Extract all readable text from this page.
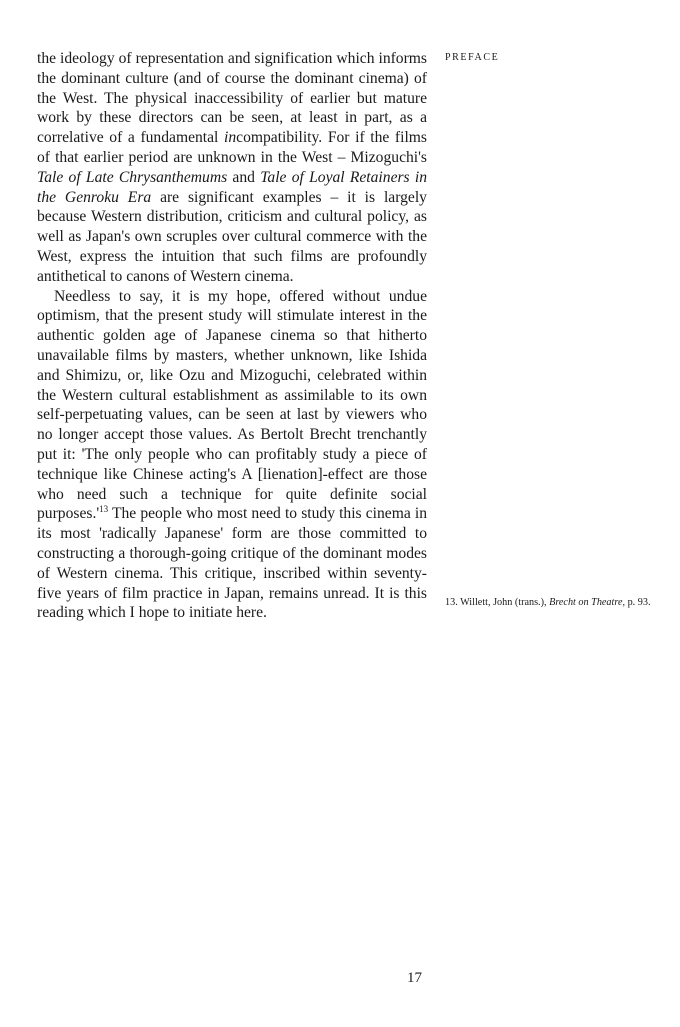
the ideology of representation and signification which informs the dominant culture (and of course the dominant cinema) of the West. The physical inaccessibility of earlier but mature work by these directors can be seen, at least in part, as a correlative of a fundamental incompatibility. For if the films of that earlier period are unknown in the West – Mizoguchi's Tale of Late Chrysanthemums and Tale of Loyal Retainers in the Genroku Era are significant examples – it is largely because Western distribution, criticism and cultural policy, as well as Japan's own scruples over cultural commerce with the West, express the intuition that such films are profoundly antithetical to canons of Western cinema.

Needless to say, it is my hope, offered without undue optimism, that the present study will stimulate interest in the authentic golden age of Japanese cinema so that hitherto unavailable films by masters, whether unknown, like Ishida and Shimizu, or, like Ozu and Mizoguchi, celebrated within the Western cultural establishment as assimilable to its own self-perpetuating values, can be seen at last by viewers who no longer accept those values. As Bertolt Brecht trenchantly put it: 'The only people who can profitably study a piece of technique like Chinese acting's A [lienation]-effect are those who need such a technique for quite definite social $purposes.'^{13}$ The people who most need to study this cinema in its most 'radically Japanese' form are those committed to constructing a thorough-going critique of the dominant modes of Western cinema. This critique, inscribed within seventy-five years of film practice in Japan, remains unread. It is this reading which I hope to initiate here.

PREFACE
13. Willett, John (trans.), Brecht on Theatre, p. 93.
17
